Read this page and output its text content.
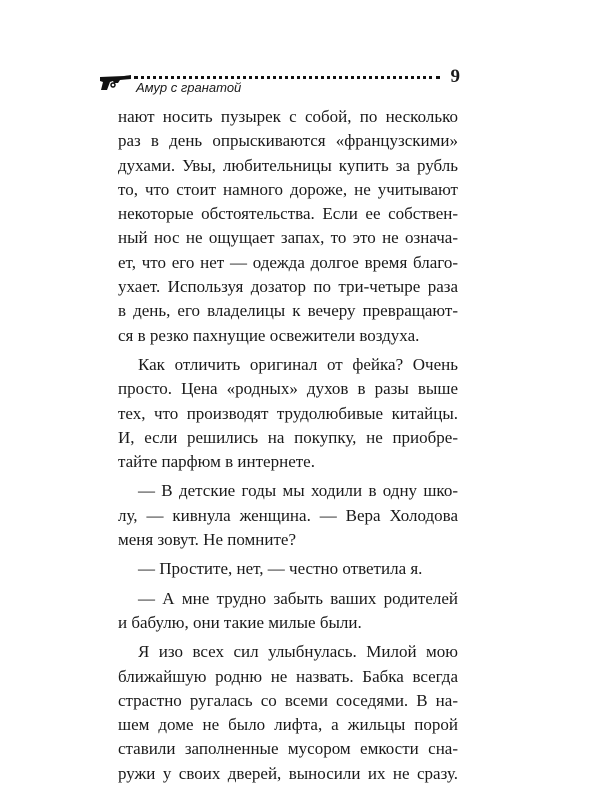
9
Амур с гранатой
нают носить пузырек с собой, по несколько
раз в день опрыскиваются «французскими»
духами. Увы, любительницы купить за рубль
то, что стоит намного дороже, не учитывают
некоторые обстоятельства. Если ее собствен-
ный нос не ощущает запах, то это не означа-
ет, что его нет — одежда долгое время благо-
ухает. Используя дозатор по три-четыре раза
в день, его владелицы к вечеру превращают-
ся в резко пахнущие освежители воздуха.
Как отличить оригинал от фейка? Очень
просто. Цена «родных» духов в разы выше
тех, что производят трудолюбивые китайцы.
И, если решились на покупку, не приобре-
тайте парфюм в интернете.
— В детские годы мы ходили в одну шко-
лу, — кивнула женщина. — Вера Холодова
меня зовут. Не помните?
— Простите, нет, — честно ответила я.
— А мне трудно забыть ваших родителей
и бабулю, они такие милые были.
Я изо всех сил улыбнулась. Милой мою
ближайшую родню не назвать. Бабка всегда
страстно ругалась со всеми соседями. В на-
шем доме не было лифта, а жильцы порой
ставили заполненные мусором емкости сна-
ружи у своих дверей, выносили их не сразу.
